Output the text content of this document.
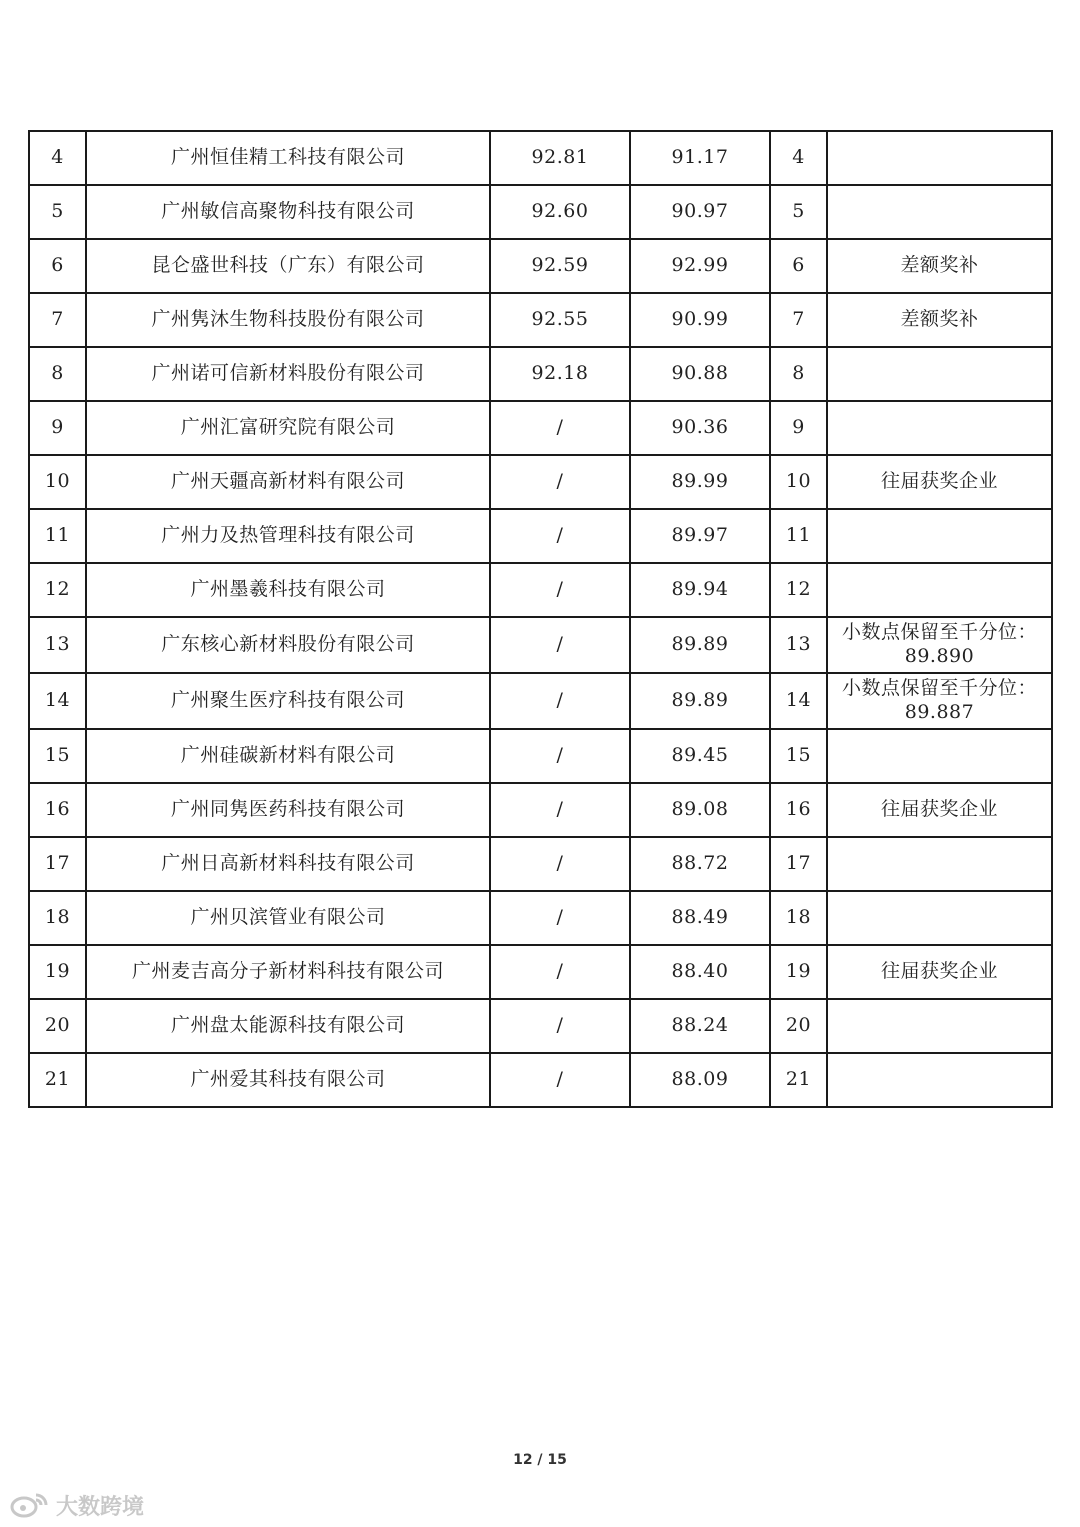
4	广州恒佳精工科技有限公司	92.81	91.17	4	
5	广州敏信高聚物科技有限公司	92.60	90.97	5	
6	昆仑盛世科技（广东）有限公司	92.59	92.99	6	差额奖补
7	广州隽沐生物科技股份有限公司	92.55	90.99	7	差额奖补
8	广州诺可信新材料股份有限公司	92.18	90.88	8	
9	广州汇富研究院有限公司	/	90.36	9	
10	广州天疆高新材料有限公司	/	89.99	10	往届获奖企业
11	广州力及热管理科技有限公司	/	89.97	11	
12	广州墨羲科技有限公司	/	89.94	12	
13	广东核心新材料股份有限公司	/	89.89	13	小数点保留至千分位：
89.890

14	广州聚生医疗科技有限公司	/	89.89	14	小数点保留至千分位：
89.887

15	广州硅碳新材料有限公司	/	89.45	15	
16	广州同隽医药科技有限公司	/	89.08	16	往届获奖企业
17	广州日高新材料科技有限公司	/	88.72	17	
18	广州贝滨管业有限公司	/	88.49	18	
19	广州麦吉高分子新材料科技有限公司	/	88.40	19	往届获奖企业
20	广州盘太能源科技有限公司	/	88.24	20	
21	广州爱其科技有限公司	/	88.09	21	
12 / 15
大数跨境
